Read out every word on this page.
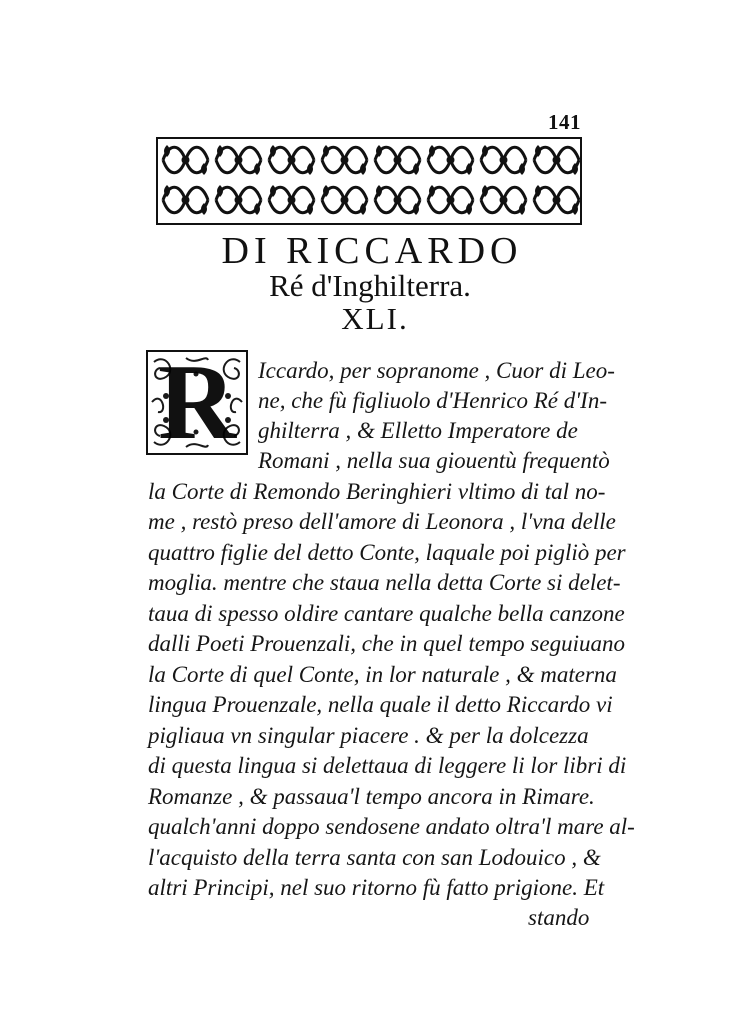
141
DI RICCARDO
Ré d'Inghilterra.
XLI.
R Iccardo, per sopranome , Cuor di Leo-
ne, che fù figliuolo d'Henrico Ré d'In-
ghilterra , & Elletto Imperatore de
Romani , nella sua giouentù frequentò
la Corte di Remondo Beringhieri vltimo di tal no-
me , restò preso dell'amore di Leonora , l'vna delle
quattro figlie del detto Conte, laquale poi pigliò per
moglia. mentre che staua nella detta Corte si delet-
taua di spesso oldire cantare qualche bella canzone
dalli Poeti Prouenzali, che in quel tempo seguiuano
la Corte di quel Conte, in lor naturale , & materna
lingua Prouenzale, nella quale il detto Riccardo vi
pigliaua vn singular piacere . & per la dolcezza
di questa lingua si delettaua di leggere li lor libri di
Romanze , & passaua'l tempo ancora in Rimare.
qualch'anni doppo sendosene andato oltra'l mare al-
l'acquisto della terra santa con san Lodouico , &
altri Principi, nel suo ritorno fù fatto prigione. Et
stando
